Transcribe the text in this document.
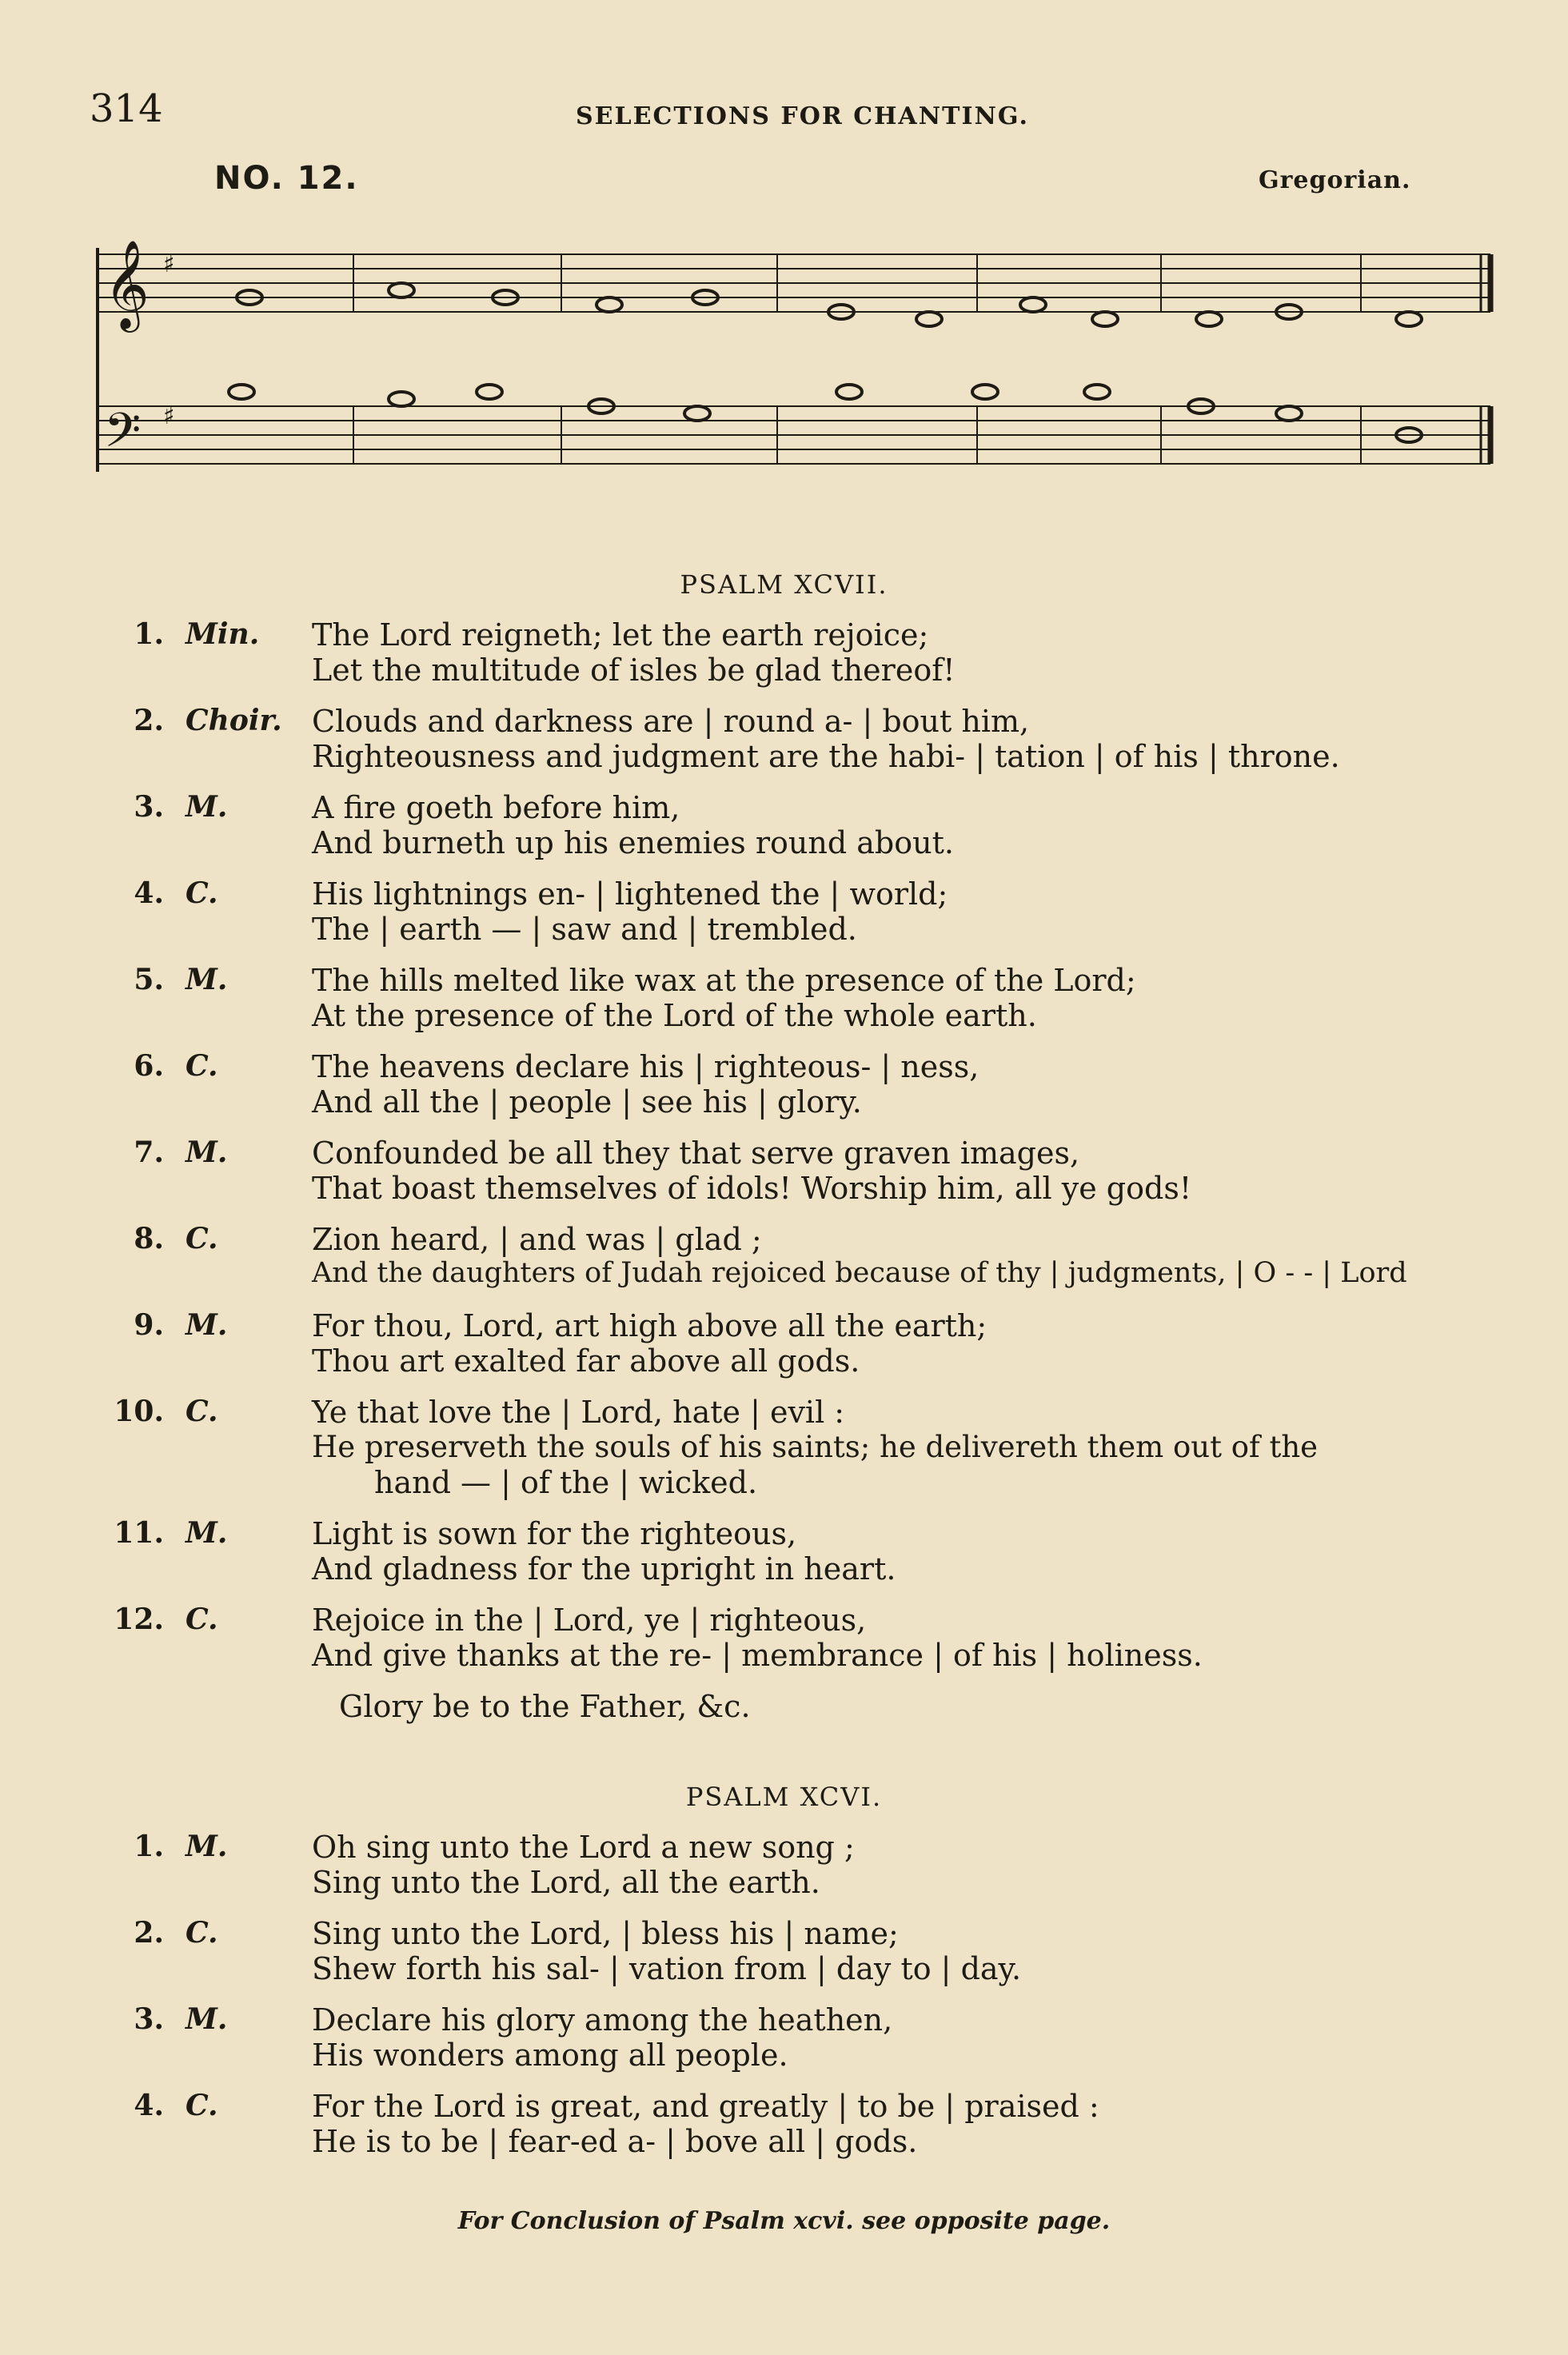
314	SELECTIONS FOR CHANTING.
NO. 12.	Gregorian.
𝄞
𝄢
♯
♯
PSALM XCVII.
1. Min. The Lord reigneth; let the earth rejoice;
Let the multitude of isles be glad thereof!
2. Choir. Clouds and darkness are | round a- | bout him,
Righteousness and judgment are the habi- | tation | of his | throne.
3. M.	A fire goeth before him,
And burneth up his enemies round about.
4. C.	His lightnings en- | lightened the | world;
The | earth — | saw and | trembled.
5. M.	The hills melted like wax at the presence of the Lord;
At the presence of the Lord of the whole earth.
6. C.	The heavens declare his | righteous- | ness,
And all the | people | see his | glory.
7. M.	Confounded be all they that serve graven images,
That boast themselves of idols! Worship him, all ye gods!
8. C.	Zion heard, | and was | glad ;
And the daughters of Judah rejoiced because of thy | judgments, | O - - | Lord
9. M.	For thou, Lord, art high above all the earth;
Thou art exalted far above all gods.
10. C.	Ye that love the | Lord, hate | evil :
He preserveth the souls of his saints; he delivereth them out of the
hand — | of the | wicked.
11. M.	Light is sown for the righteous,
And gladness for the upright in heart.
12. C.	Rejoice in the | Lord, ye | righteous,
And give thanks at the re- | membrance | of his | holiness.
Glory be to the Father, &c.
PSALM XCVI.
1. M.	Oh sing unto the Lord a new song ;
Sing unto the Lord, all the earth.
2. C.	Sing unto the Lord, | bless his | name;
Shew forth his sal- | vation from | day to | day.
3. M.	Declare his glory among the heathen,
His wonders among all people.
4. C.	For the Lord is great, and greatly | to be | praised :
He is to be | fear-ed a- | bove all | gods.
For Conclusion of Psalm xcvi. see opposite page.
